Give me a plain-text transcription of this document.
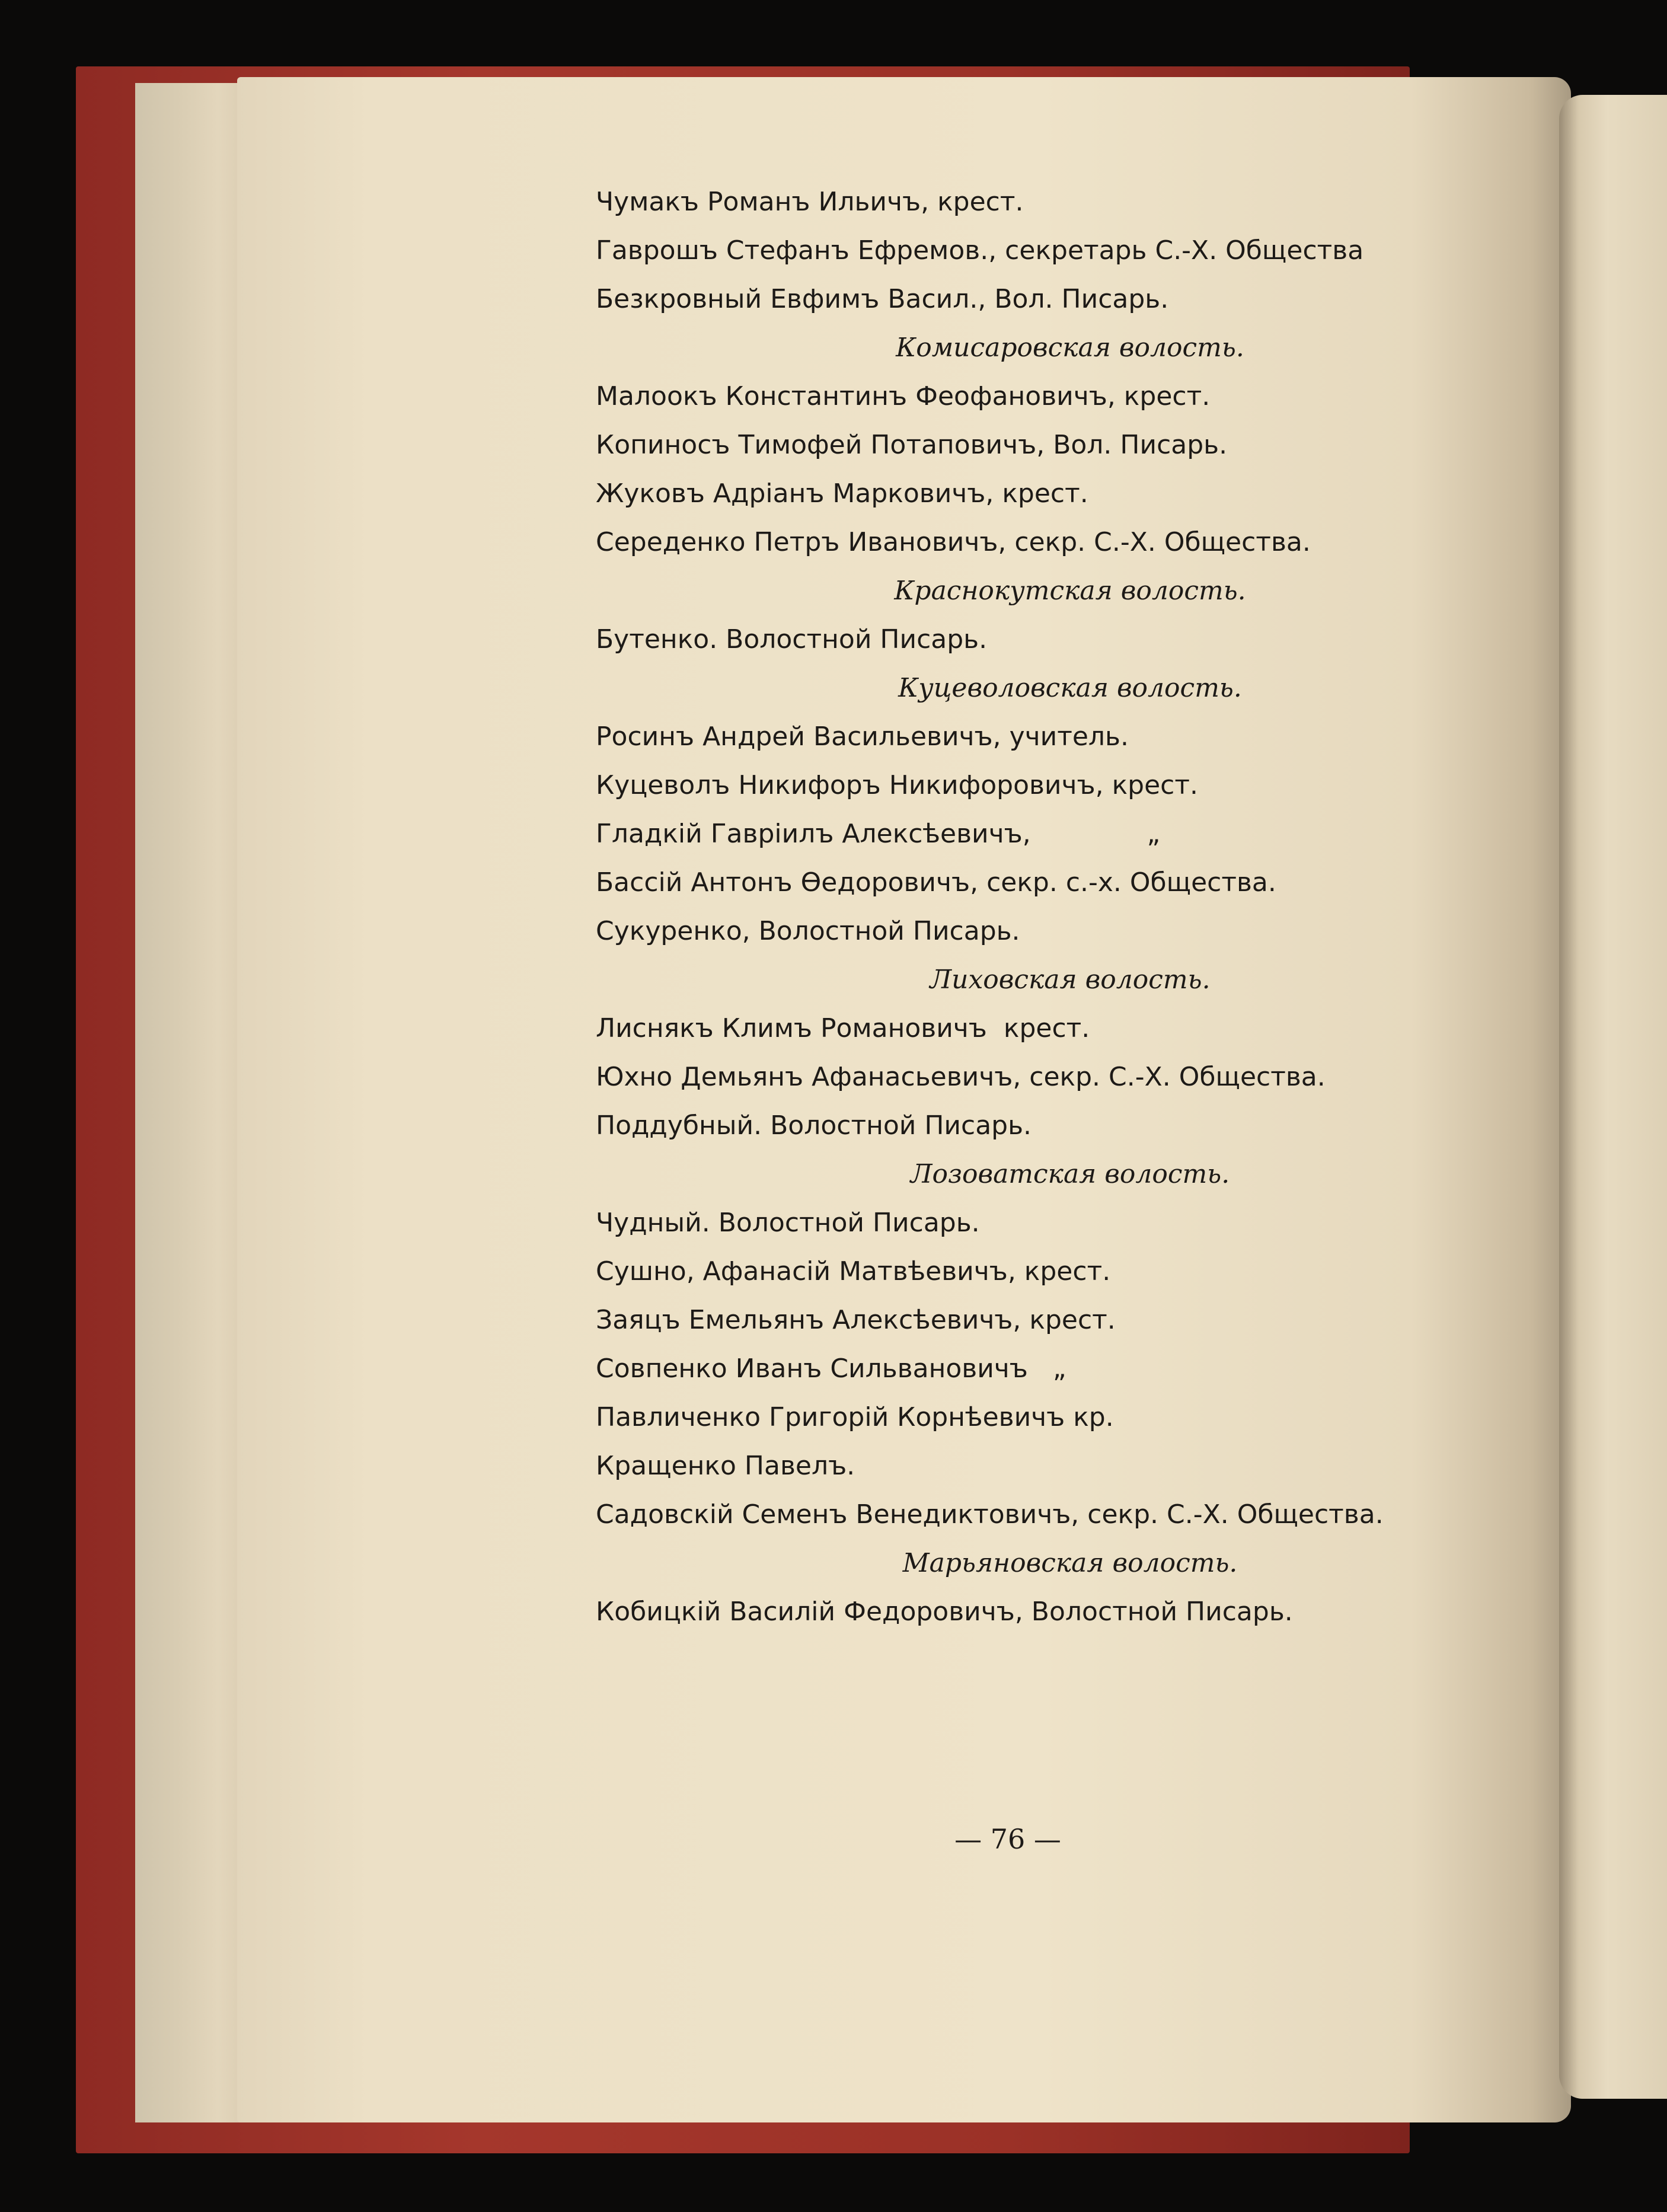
Чумакъ Романъ Ильичъ, крест.
Гаврошъ Стефанъ Ефремов., секретарь С.-Х. Общества
Безкровный Евфимъ Васил., Вол. Писарь.
Комисаровская волость.
Малоокъ Константинъ Феофановичъ, крест.
Копиносъ Тимофей Потаповичъ, Вол. Писарь.
Жуковъ Адріанъ Марковичъ, крест.
Середенко Петръ Ивановичъ, секр. С.-Х. Общества.
Краснокутская волость.
Бутенко. Волостной Писарь.
Куцеволовская волость.
Росинъ Андрей Васильевичъ, учитель.
Куцеволъ Никифоръ Никифоровичъ, крест.
Гладкій Гавріилъ Алексѣевичъ,              „
Бассій Антонъ Өедоровичъ, секр. с.-х. Общества.
Сукуренко, Волостной Писарь.
Лиховская волость.
Лиснякъ Климъ Романовичъ  крест.
Юхно Демьянъ Афанасьевичъ, секр. С.-Х. Общества.
Поддубный. Волостной Писарь.
Лозоватская волость.
Чудный. Волостной Писарь.
Сушно, Афанасій Матвѣевичъ, крест.
Заяцъ Емельянъ Алексѣевичъ, крест.
Совпенко Иванъ Сильвановичъ   „
Павличенко Григорій Корнѣевичъ кр.
Кращенко Павелъ.
Садовскій Семенъ Венедиктовичъ, секр. С.-Х. Общества.
Марьяновская волость.
Кобицкій Василій Федоровичъ, Волостной Писарь.
— 76 —
